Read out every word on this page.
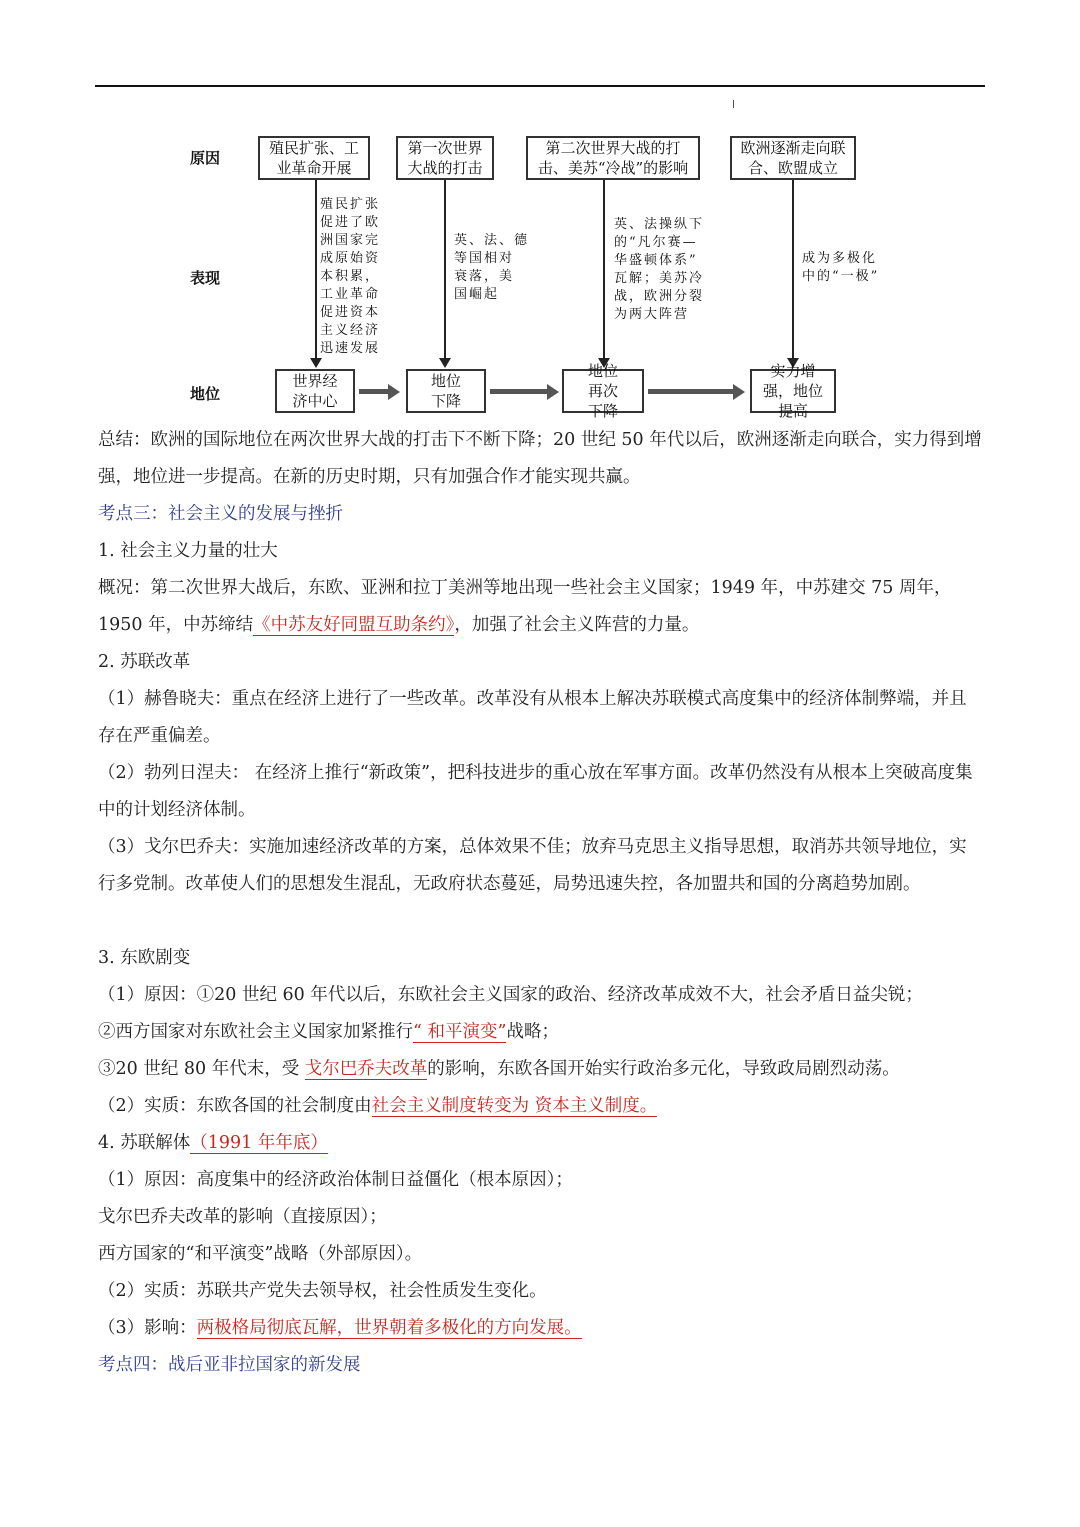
原因
表现
地位
殖民扩张、工业革命开展
第一次世界大战的打击
第二次世界大战的打击、美苏“冷战”的影响
欧洲逐渐走向联合、欧盟成立
殖民扩张
促进了欧
洲国家完
成原始资
本积累，
工业革命
促进资本
主义经济
迅速发展
英、法、德
等国相对
衰落，美
国崛起
英、法操纵下
的“凡尔赛—
华盛顿体系”
瓦解；美苏冷
战，欧洲分裂
为两大阵营
成为多极化
中的“一极”
世界经济中心
地位下降
地位再次下降
实力增强，地位提高
总结：欧洲的国际地位在两次世界大战的打击下不断下降；20 世纪 50 年代以后，欧洲逐渐走向联合，实力得到增强，地位进一步提高。在新的历史时期，只有加强合作才能实现共赢。
考点三：社会主义的发展与挫折
1. 社会主义力量的壮大
概况：第二次世界大战后，东欧、亚洲和拉丁美洲等地出现一些社会主义国家；1949 年，中苏建交 75 周年，1950 年，中苏缔结《中苏友好同盟互助条约》，加强了社会主义阵营的力量。
2. 苏联改革
（1）赫鲁晓夫：重点在经济上进行了一些改革。改革没有从根本上解决苏联模式高度集中的经济体制弊端，并且存在严重偏差。
（2）勃列日涅夫： 在经济上推行“新政策”，把科技进步的重心放在军事方面。改革仍然没有从根本上突破高度集中的计划经济体制。
（3）戈尔巴乔夫：实施加速经济改革的方案，总体效果不佳；放弃马克思主义指导思想，取消苏共领导地位，实行多党制。改革使人们的思想发生混乱，无政府状态蔓延，局势迅速失控，各加盟共和国的分离趋势加剧。
3. 东欧剧变
（1）原因：①20 世纪 60 年代以后，东欧社会主义国家的政治、经济改革成效不大，社会矛盾日益尖锐；
②西方国家对东欧社会主义国家加紧推行“ 和平演变”战略；
③20 世纪 80 年代末，受 戈尔巴乔夫改革的影响，东欧各国开始实行政治多元化，导致政局剧烈动荡。
（2）实质：东欧各国的社会制度由社会主义制度转变为 资本主义制度。
4. 苏联解体（1991 年年底）
（1）原因：高度集中的经济政治体制日益僵化（根本原因）；
戈尔巴乔夫改革的影响（直接原因）；
西方国家的“和平演变”战略（外部原因）。
（2）实质：苏联共产党失去领导权，社会性质发生变化。
（3）影响：两极格局彻底瓦解，世界朝着多极化的方向发展。
考点四：战后亚非拉国家的新发展
